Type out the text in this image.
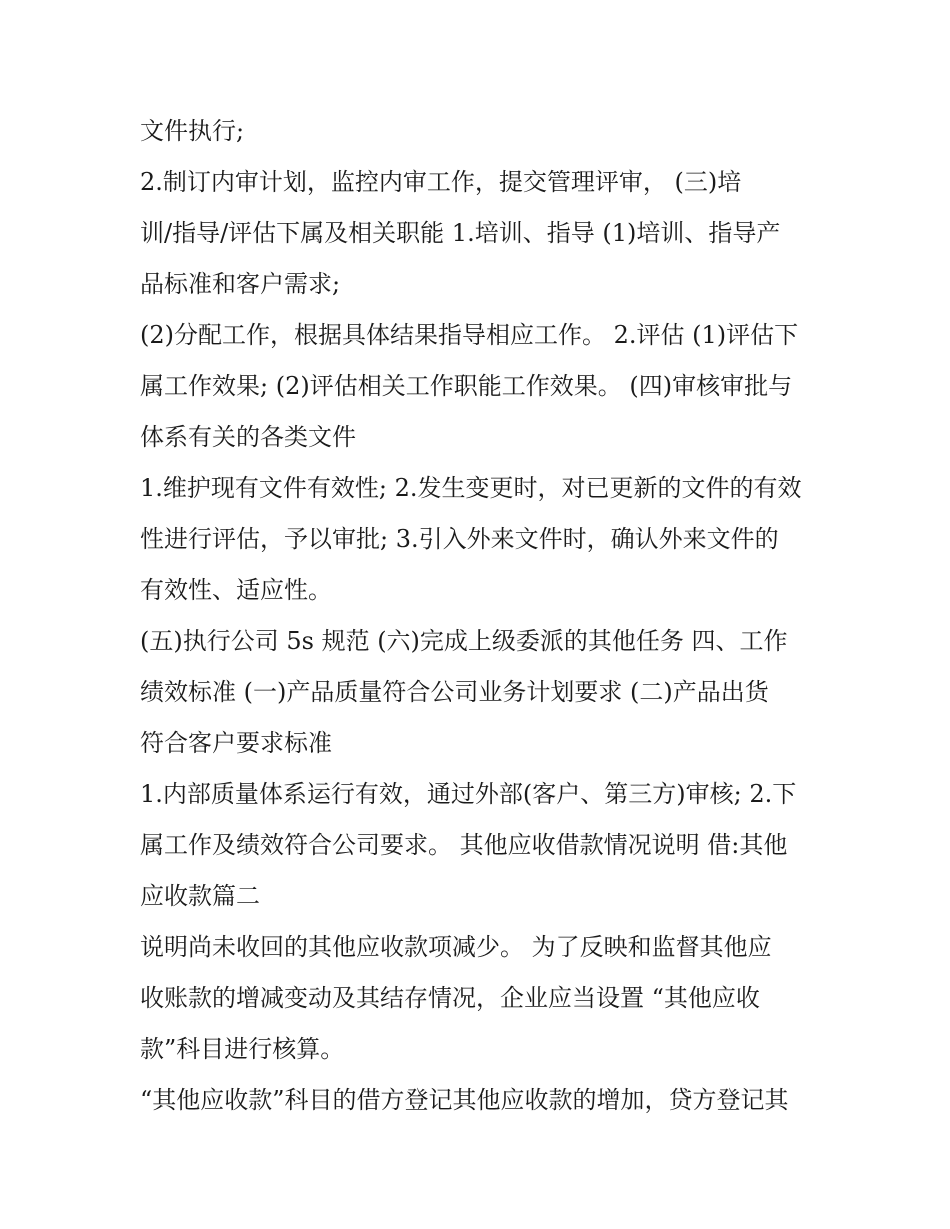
文件执行;
2.制订内审计划，监控内审工作，提交管理评审， (三)培
训/指导/评估下属及相关职能 1.培训、指导 (1)培训、指导产
品标准和客户需求;
(2)分配工作，根据具体结果指导相应工作。 2.评估 (1)评估下
属工作效果; (2)评估相关工作职能工作效果。 (四)审核审批与
体系有关的各类文件
1.维护现有文件有效性; 2.发生变更时，对已更新的文件的有效
性进行评估，予以审批; 3.引入外来文件时，确认外来文件的
有效性、适应性。
(五)执行公司 5s 规范 (六)完成上级委派的其他任务 四、工作
绩效标准 (一)产品质量符合公司业务计划要求 (二)产品出货
符合客户要求标准
1.内部质量体系运行有效，通过外部(客户、第三方)审核; 2.下
属工作及绩效符合公司要求。 其他应收借款情况说明 借:其他
应收款篇二
说明尚未收回的其他应收款项减少。 为了反映和监督其他应
收账款的增减变动及其结存情况，企业应当设置 “其他应收
款”科目进行核算。
“其他应收款”科目的借方登记其他应收款的增加，贷方登记其
